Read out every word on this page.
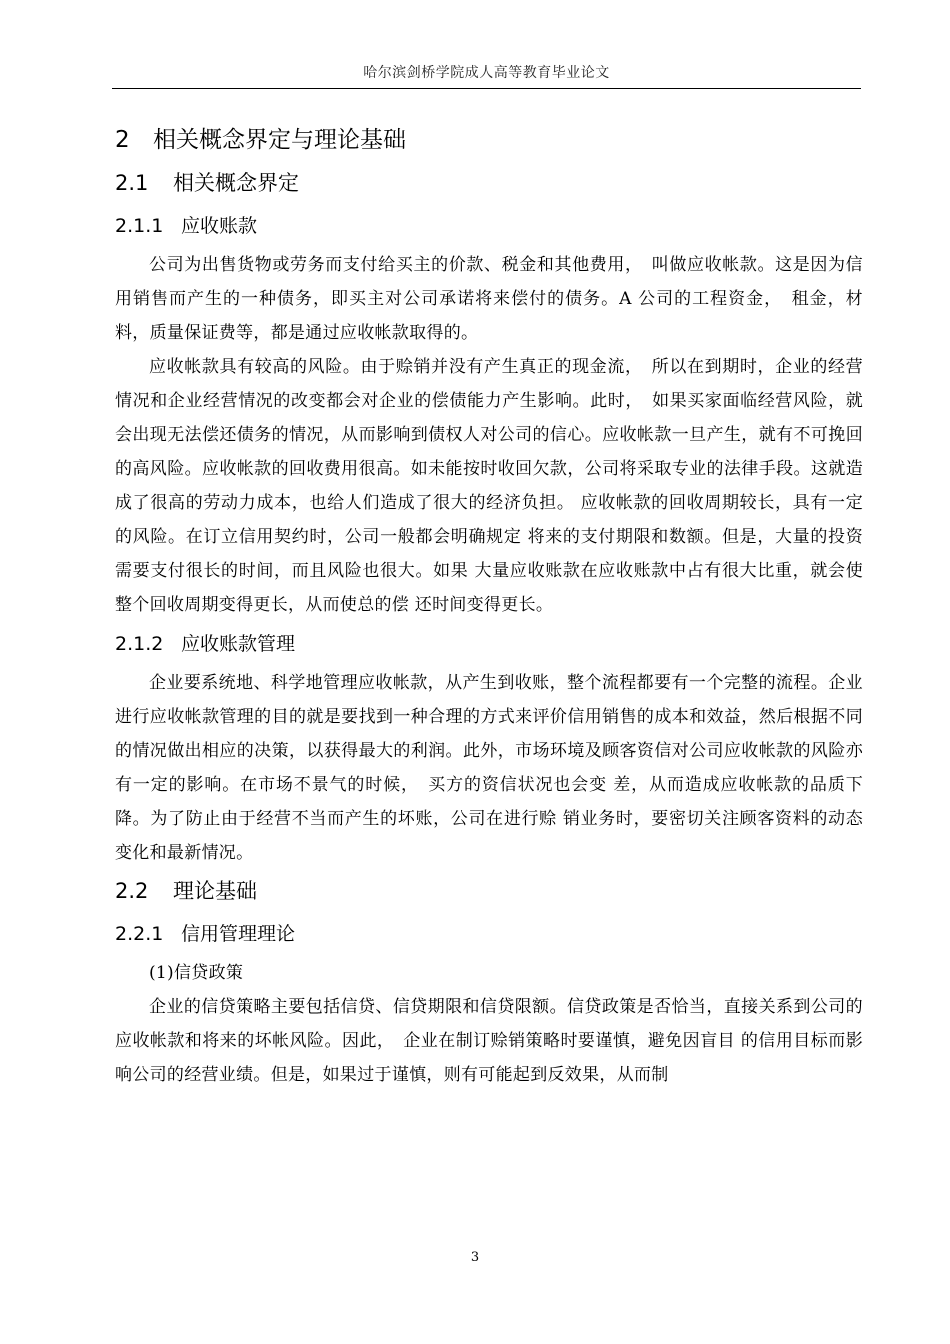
哈尔滨剑桥学院成人高等教育毕业论文
2 相关概念界定与理论基础
2.1 相关概念界定
2.1.1 应收账款

公司为出售货物或劳务而支付给买主的价款、税金和其他费用，　叫做应收帐款。这是因为信用销售而产生的一种债务，即买主对公司承诺将来偿付的债务。A 公司的工程资金，　租金，材料，质量保证费等，都是通过应收帐款取得的。

应收帐款具有较高的风险。由于赊销并没有产生真正的现金流，　所以在到期时，企业的经营情况和企业经营情况的改变都会对企业的偿债能力产生影响。此时，　如果买家面临经营风险，就会出现无法偿还债务的情况，从而影响到债权人对公司的信心。应收帐款一旦产生，就有不可挽回的高风险。应收帐款的回收费用很高。如未能按时收回欠款，公司将采取专业的法律手段。这就造成了很高的劳动力成本，也给人们造成了很大的经济负担。 应收帐款的回收周期较长，具有一定的风险。在订立信用契约时，公司一般都会明确规定 将来的支付期限和数额。但是，大量的投资需要支付很长的时间，而且风险也很大。如果 大量应收账款在应收账款中占有很大比重，就会使整个回收周期变得更长，从而使总的偿 还时间变得更长。

2.1.2 应收账款管理

企业要系统地、科学地管理应收帐款，从产生到收账，整个流程都要有一个完整的流程。企业进行应收帐款管理的目的就是要找到一种合理的方式来评价信用销售的成本和效益，然后根据不同的情况做出相应的决策，以获得最大的利润。此外，市场环境及顾客资信对公司应收帐款的风险亦有一定的影响。在市场不景气的时候，　买方的资信状况也会变 差，从而造成应收帐款的品质下降。为了防止由于经营不当而产生的坏账，公司在进行赊 销业务时，要密切关注顾客资料的动态变化和最新情况。

2.2 理论基础
2.2.1 信用管理理论

(1)信贷政策

企业的信贷策略主要包括信贷、信贷期限和信贷限额。信贷政策是否恰当，直接关系到公司的应收帐款和将来的坏帐风险。因此，　企业在制订赊销策略时要谨慎，避免因盲目 的信用目标而影响公司的经营业绩。但是，如果过于谨慎，则有可能起到反效果，从而制

3
